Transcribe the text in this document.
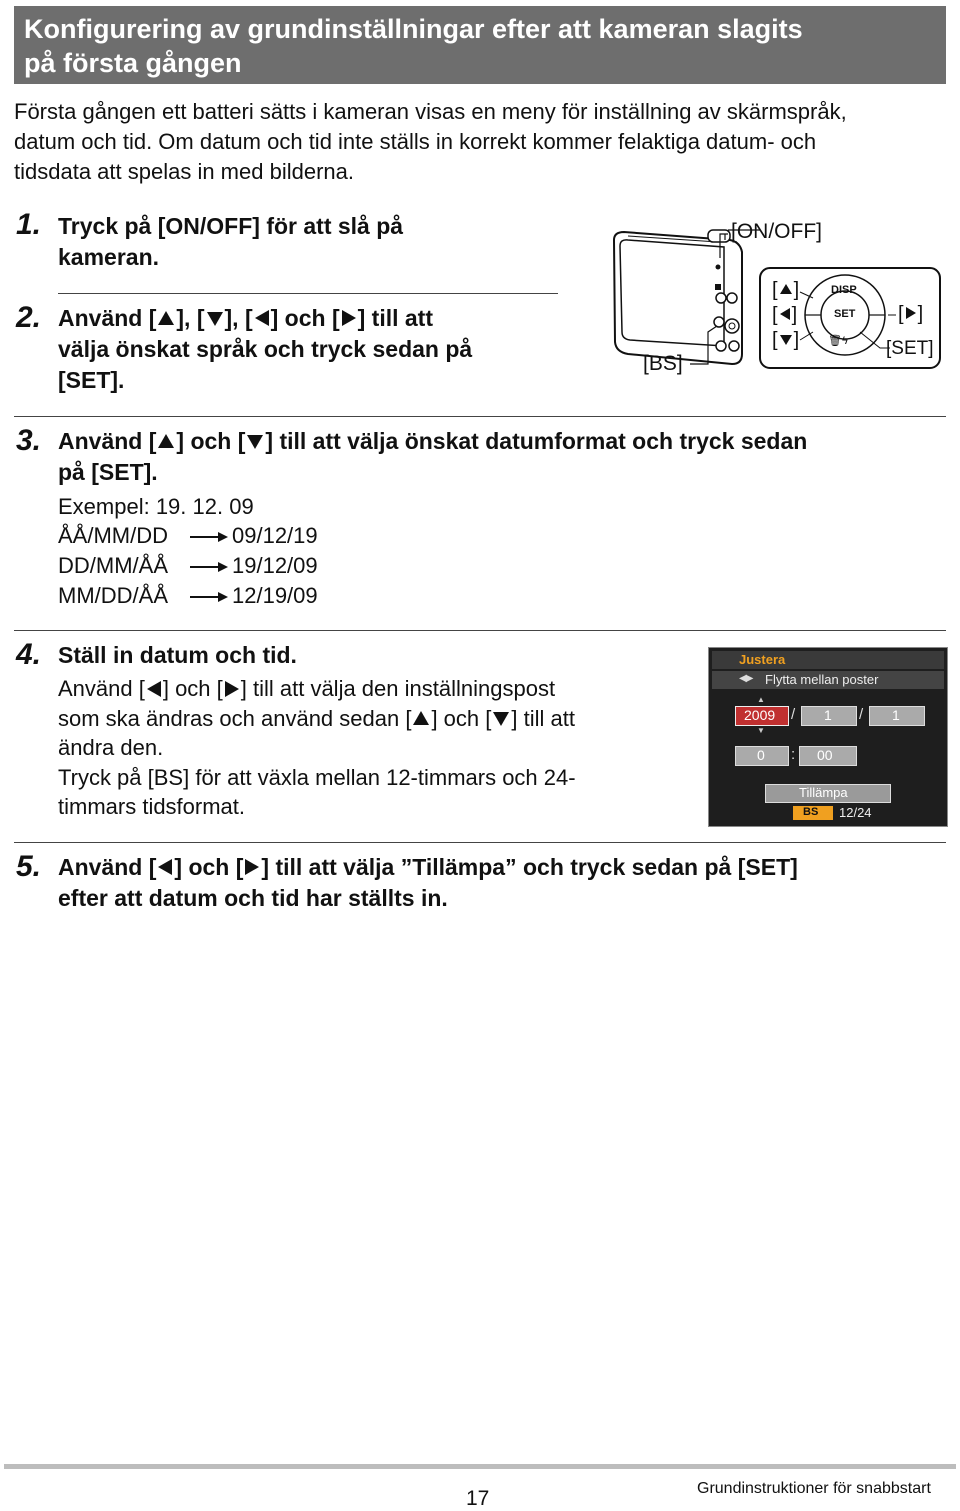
Konfigurering av grundinställningar efter att kameran slagits
på första gången
Första gången ett batteri sätts i kameran visas en meny för inställning av skärmspråk,
datum och tid. Om datum och tid inte ställs in korrekt kommer felaktiga datum- och
tidsdata att spelas in med bilderna.
1. Tryck på [ON/OFF] för att slå på
kameran.
2. Använd [ ], [ ], [ ] och [ ] till att
välja önskat språk och tryck sedan på
[SET].
[ON/OFF]
[BS]
[SET]
DISP
SET
[ ]
[ ]
[ ]
[ ]
🗑ϟ
3. Använd [ ] och [ ] till att välja önskat datumformat och tryck sedan
på [SET].
Exempel: 19. 12. 09
ÅÅ/MM/DD	09/12/19
DD/MM/ÅÅ	19/12/09
MM/DD/ÅÅ	12/19/09
4. Ställ in datum och tid.
Använd [ ] och [ ] till att välja den inställningspost
som ska ändras och använd sedan [ ] och [ ] till att
ändra den.
Tryck på [BS] för att växla mellan 12-timmars och 24-
timmars tidsformat.
Justera
◀▶ Flytta mellan poster
▲
2009
▼
/ 1 / 1
0 : 00
Tillämpa
BS 12/24
5. Använd [ ] och [ ] till att välja ”Tillämpa” och tryck sedan på [SET]
efter att datum och tid har ställts in.
17	Grundinstruktioner för snabbstart
